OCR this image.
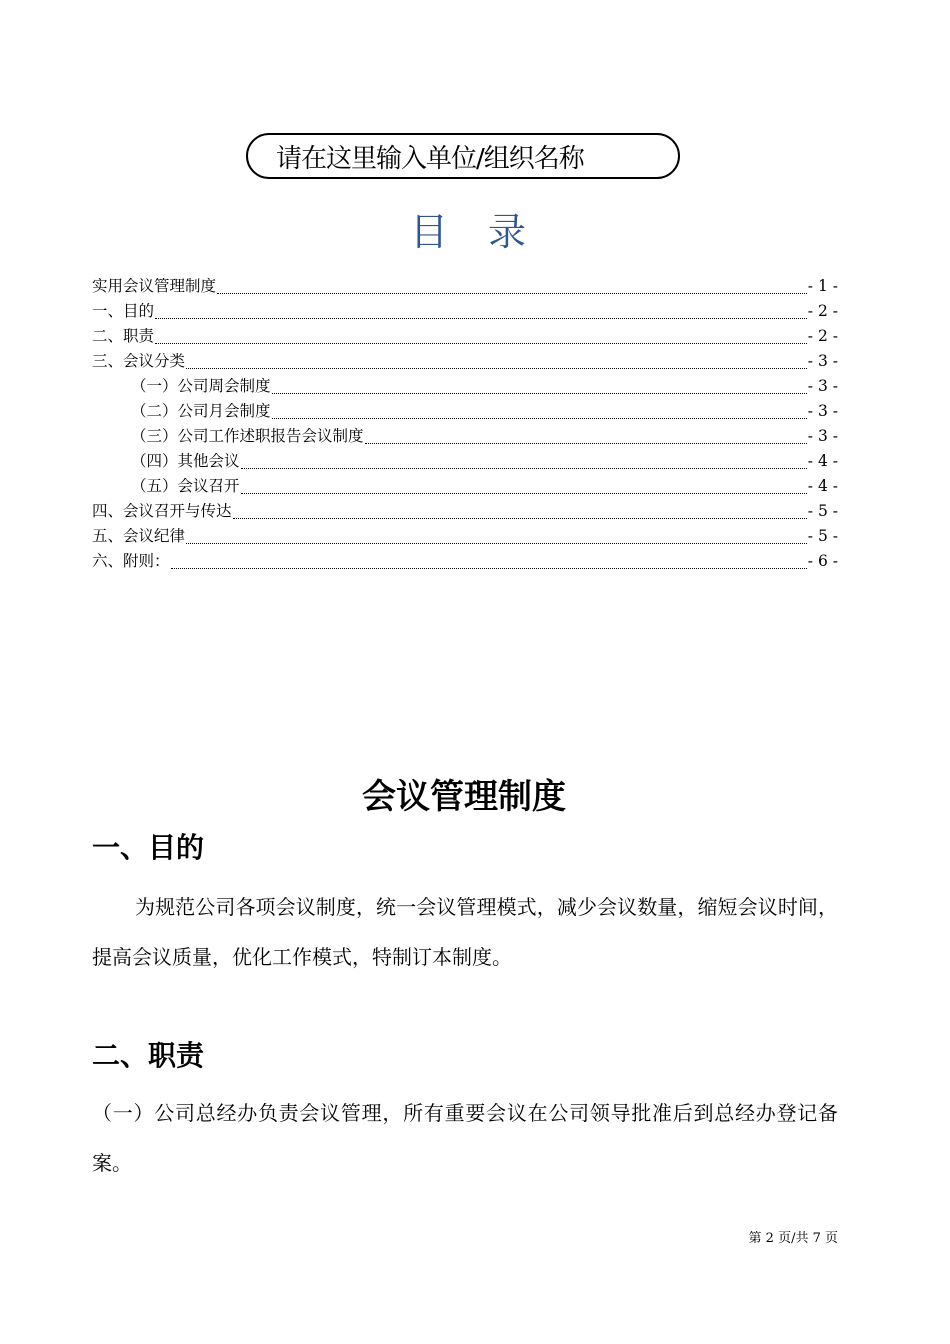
请在这里输入单位/组织名称
目 录
实用会议管理制度	- 1 -
一、目的	- 2 -
二、职责	- 2 -
三、会议分类	- 3 -
（一）公司周会制度	- 3 -
（二）公司月会制度	- 3 -
（三）公司工作述职报告会议制度	- 3 -
（四）其他会议	- 4 -
（五）会议召开	- 4 -
四、会议召开与传达	- 5 -
五、会议纪律	- 5 -
六、附则：	- 6 -
会议管理制度
一、目的
为规范公司各项会议制度，统一会议管理模式，减少会议数量，缩短会议时间，提高会议质量，优化工作模式，特制订本制度。
二、职责
（一）公司总经办负责会议管理，所有重要会议在公司领导批准后到总经办登记备案。
第 2 页/共 7 页
